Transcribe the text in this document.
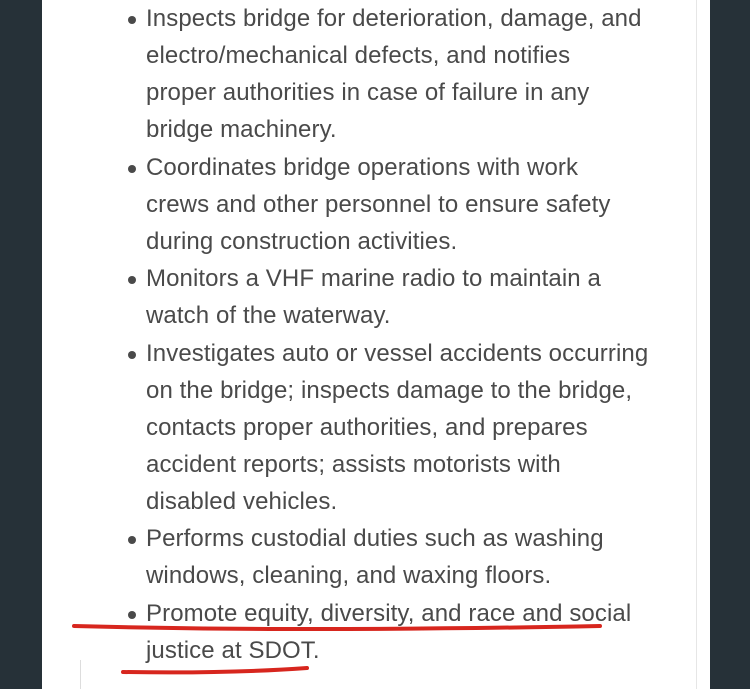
Inspects bridge for deterioration, damage, and
electro/mechanical defects, and notifies
proper authorities in case of failure in any
bridge machinery.
Coordinates bridge operations with work
crews and other personnel to ensure safety
during construction activities.
Monitors a VHF marine radio to maintain a
watch of the waterway.
Investigates auto or vessel accidents occurring
on the bridge; inspects damage to the bridge,
contacts proper authorities, and prepares
accident reports; assists motorists with
disabled vehicles.
Performs custodial duties such as washing
windows, cleaning, and waxing floors.
Promote equity, diversity, and race and social
justice at SDOT.
